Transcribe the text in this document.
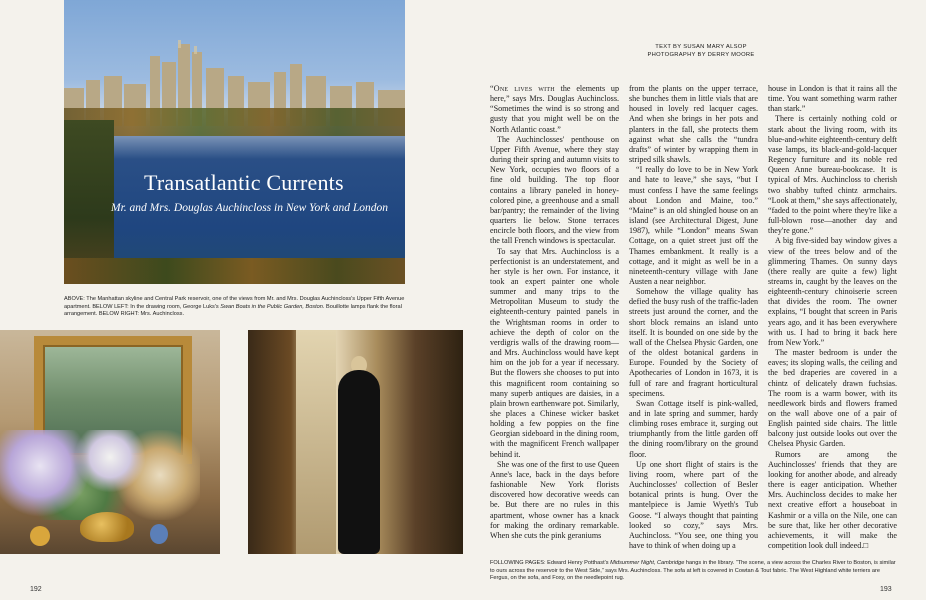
Transatlantic Currents
Mr. and Mrs. Douglas Auchincloss in New York and London
ABOVE: The Manhattan skyline and Central Park reservoir, one of the views from Mr. and Mrs. Douglas Auchincloss's Upper Fifth Avenue apartment. BELOW LEFT: In the drawing room, George Luks's Swan Boats in the Public Garden, Boston. Bouillotte lamps flank the floral arrangement. BELOW RIGHT: Mrs. Auchincloss.
192	193
TEXT BY SUSAN MARY ALSOP
PHOTOGRAPHY BY DERRY MOORE

“One lives with the elements up here,” says Mrs. Douglas Auchincloss. “Sometimes the wind is so strong and gusty that you might well be on the North Atlantic coast.”

The Auchinclosses' penthouse on Upper Fifth Avenue, where they stay during their spring and autumn visits to New York, occupies two floors of a fine old building. The top floor contains a library paneled in honey-colored pine, a greenhouse and a small bar/pantry; the remainder of the living quarters lie below. Stone terraces encircle both floors, and the view from the tall French windows is spectacular.

To say that Mrs. Auchincloss is a perfectionist is an understatement, and her style is her own. For instance, it took an expert painter one whole summer and many trips to the Metropolitan Museum to study the eighteenth-century painted panels in the Wrightsman rooms in order to achieve the depth of color on the verdigris walls of the drawing room—and Mrs. Auchincloss would have kept him on the job for a year if necessary. But the flowers she chooses to put into this magnificent room containing so many superb antiques are daisies, in a plain brown earthenware pot. Similarly, she places a Chinese wicker basket holding a few poppies on the fine Georgian sideboard in the dining room, with the magnificent French wallpaper behind it.

She was one of the first to use Queen Anne's lace, back in the days before fashionable New York florists discovered how decorative weeds can be. But there are no rules in this apartment, whose owner has a knack for making the ordinary remarkable. When she cuts the pink geraniums

from the plants on the upper terrace, she bunches them in little vials that are housed in lovely red lacquer cages. And when she brings in her pots and planters in the fall, she protects them against what she calls the “tundra drafts” of winter by wrapping them in striped silk shawls.

“I really do love to be in New York and hate to leave,” she says, “but I must confess I have the same feelings about London and Maine, too.” “Maine” is an old shingled house on an island (see Architectural Digest, June 1987), while “London” means Swan Cottage, on a quiet street just off the Thames embankment. It really is a cottage, and it might as well be in a nineteenth-century village with Jane Austen a near neighbor.

Somehow the village quality has defied the busy rush of the traffic-laden streets just around the corner, and the short block remains an island unto itself. It is bounded on one side by the wall of the Chelsea Physic Garden, one of the oldest botanical gardens in Europe. Founded by the Society of Apothecaries of London in 1673, it is full of rare and fragrant horticultural specimens.

Swan Cottage itself is pink-walled, and in late spring and summer, hardy climbing roses embrace it, surging out triumphantly from the little garden off the dining room/library on the ground floor.

Up one short flight of stairs is the living room, where part of the Auchinclosses' collection of Besler botanical prints is hung. Over the mantelpiece is Jamie Wyeth's Tub Goose. “I always thought that painting looked so cozy,” says Mrs. Auchincloss. “You see, one thing you have to think of when doing up a

house in London is that it rains all the time. You want something warm rather than stark.”

There is certainly nothing cold or stark about the living room, with its blue-and-white eighteenth-century delft vase lamps, its black-and-gold-lacquer Regency furniture and its noble red Queen Anne bureau-bookcase. It is typical of Mrs. Auchincloss to cherish two shabby tufted chintz armchairs. “Look at them,” she says affectionately, “faded to the point where they're like a full-blown rose—another day and they're gone.”

A big five-sided bay window gives a view of the trees below and of the glimmering Thames. On sunny days (there really are quite a few) light streams in, caught by the leaves on the eighteenth-century chinoiserie screen that divides the room. The owner explains, “I bought that screen in Paris years ago, and it has been everywhere with us. I had to bring it back here from New York.”

The master bedroom is under the eaves; its sloping walls, the ceiling and the bed draperies are covered in a chintz of delicately drawn fuchsias. The room is a warm bower, with its needlework birds and flowers framed on the wall above one of a pair of English painted side chairs. The little balcony just outside looks out over the Chelsea Physic Garden.

Rumors are among the Auchinclosses' friends that they are looking for another abode, and already there is eager anticipation. Whether Mrs. Auchincloss decides to make her next creative effort a houseboat in Kashmir or a villa on the Nile, one can be sure that, like her other decorative achievements, it will make the competition look dull indeed.□

FOLLOWING PAGES: Edward Henry Potthast's Midsummer Night, Cambridge hangs in the library. “The scene, a view across the Charles River to Boston, is similar to ours across the reservoir to the West Side,” says Mrs. Auchincloss. The sofa at left is covered in Cowtan & Tout fabric. The West Highland white terriers are Fergus, on the sofa, and Foxy, on the needlepoint rug.
